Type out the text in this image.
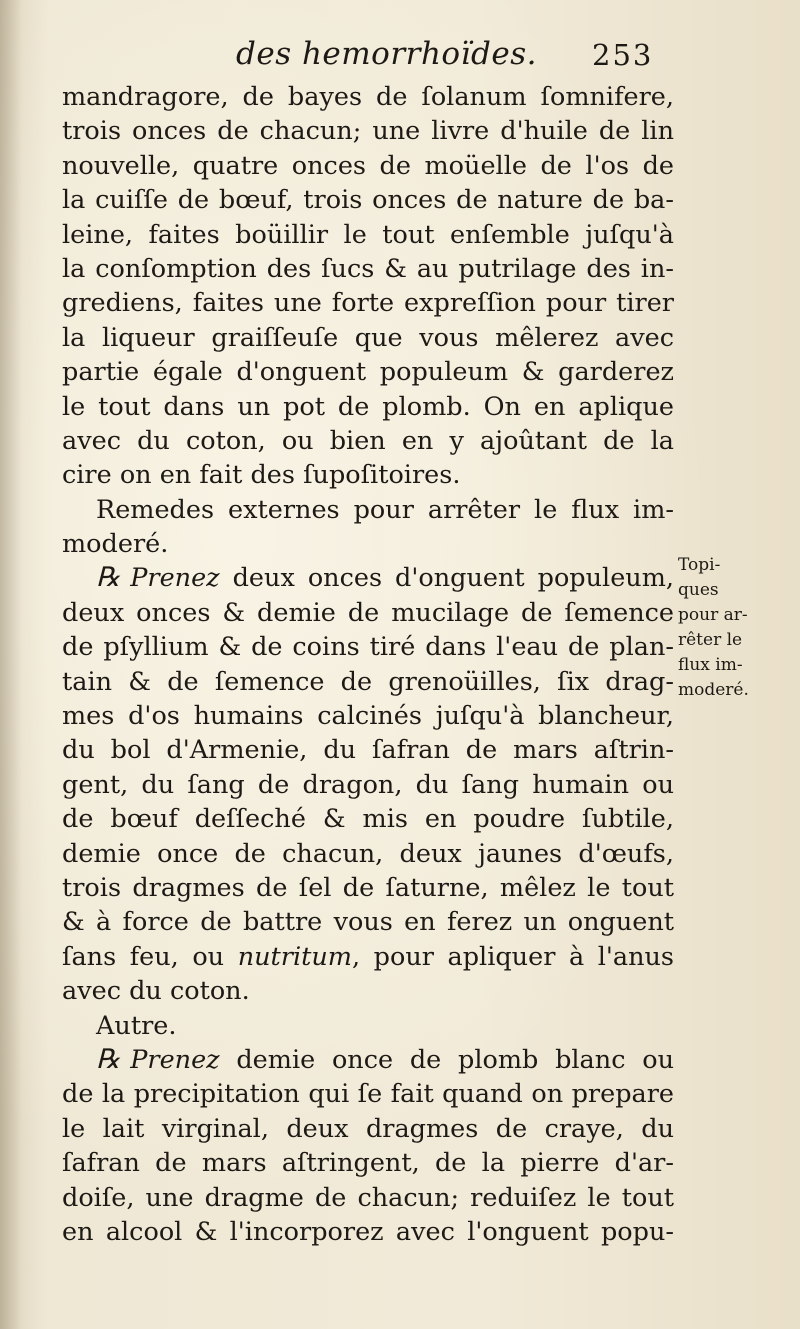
des hemorrhoïdes. 253
mandragore, de bayes de ſolanum ſomnifere,
trois onces de chacun; une livre d'huile de lin
nouvelle, quatre onces de moüelle de l'os de
la cuiſſe de bœuf, trois onces de nature de ba-
leine, faites boüillir le tout enſemble juſqu'à
la conſomption des ſucs & au putrilage des in-
grediens, faites une forte expreſſion pour tirer
la liqueur graiſſeuſe que vous mêlerez avec
partie égale d'onguent populeum & garderez
le tout dans un pot de plomb. On en aplique
avec du coton, ou bien en y ajoûtant de la
cire on en fait des ſupoſitoires.
Remedes externes pour arrêter le flux im-
moderé.
℞ Prenez deux onces d'onguent populeum,
deux onces & demie de mucilage de ſemence
de pſyllium & de coins tiré dans l'eau de plan-
tain & de ſemence de grenoüilles, ſix drag-
mes d'os humains calcinés juſqu'à blancheur,
du bol d'Armenie, du ſafran de mars aſtrin-
gent, du ſang de dragon, du ſang humain ou
de bœuf deſſeché & mis en poudre ſubtile,
demie once de chacun, deux jaunes d'œufs,
trois dragmes de ſel de ſaturne, mêlez le tout
& à force de battre vous en ferez un onguent
ſans feu, ou nutritum, pour apliquer à l'anus
avec du coton.
Autre.
℞ Prenez demie once de plomb blanc ou
de la precipitation qui ſe fait quand on prepare
le lait virginal, deux dragmes de craye, du
ſafran de mars aſtringent, de la pierre d'ar-
doiſe, une dragme de chacun; reduiſez le tout
en alcool & l'incorporez avec l'onguent popu-
Topi-
ques
pour ar-
rêter le
flux im-
moderé.
